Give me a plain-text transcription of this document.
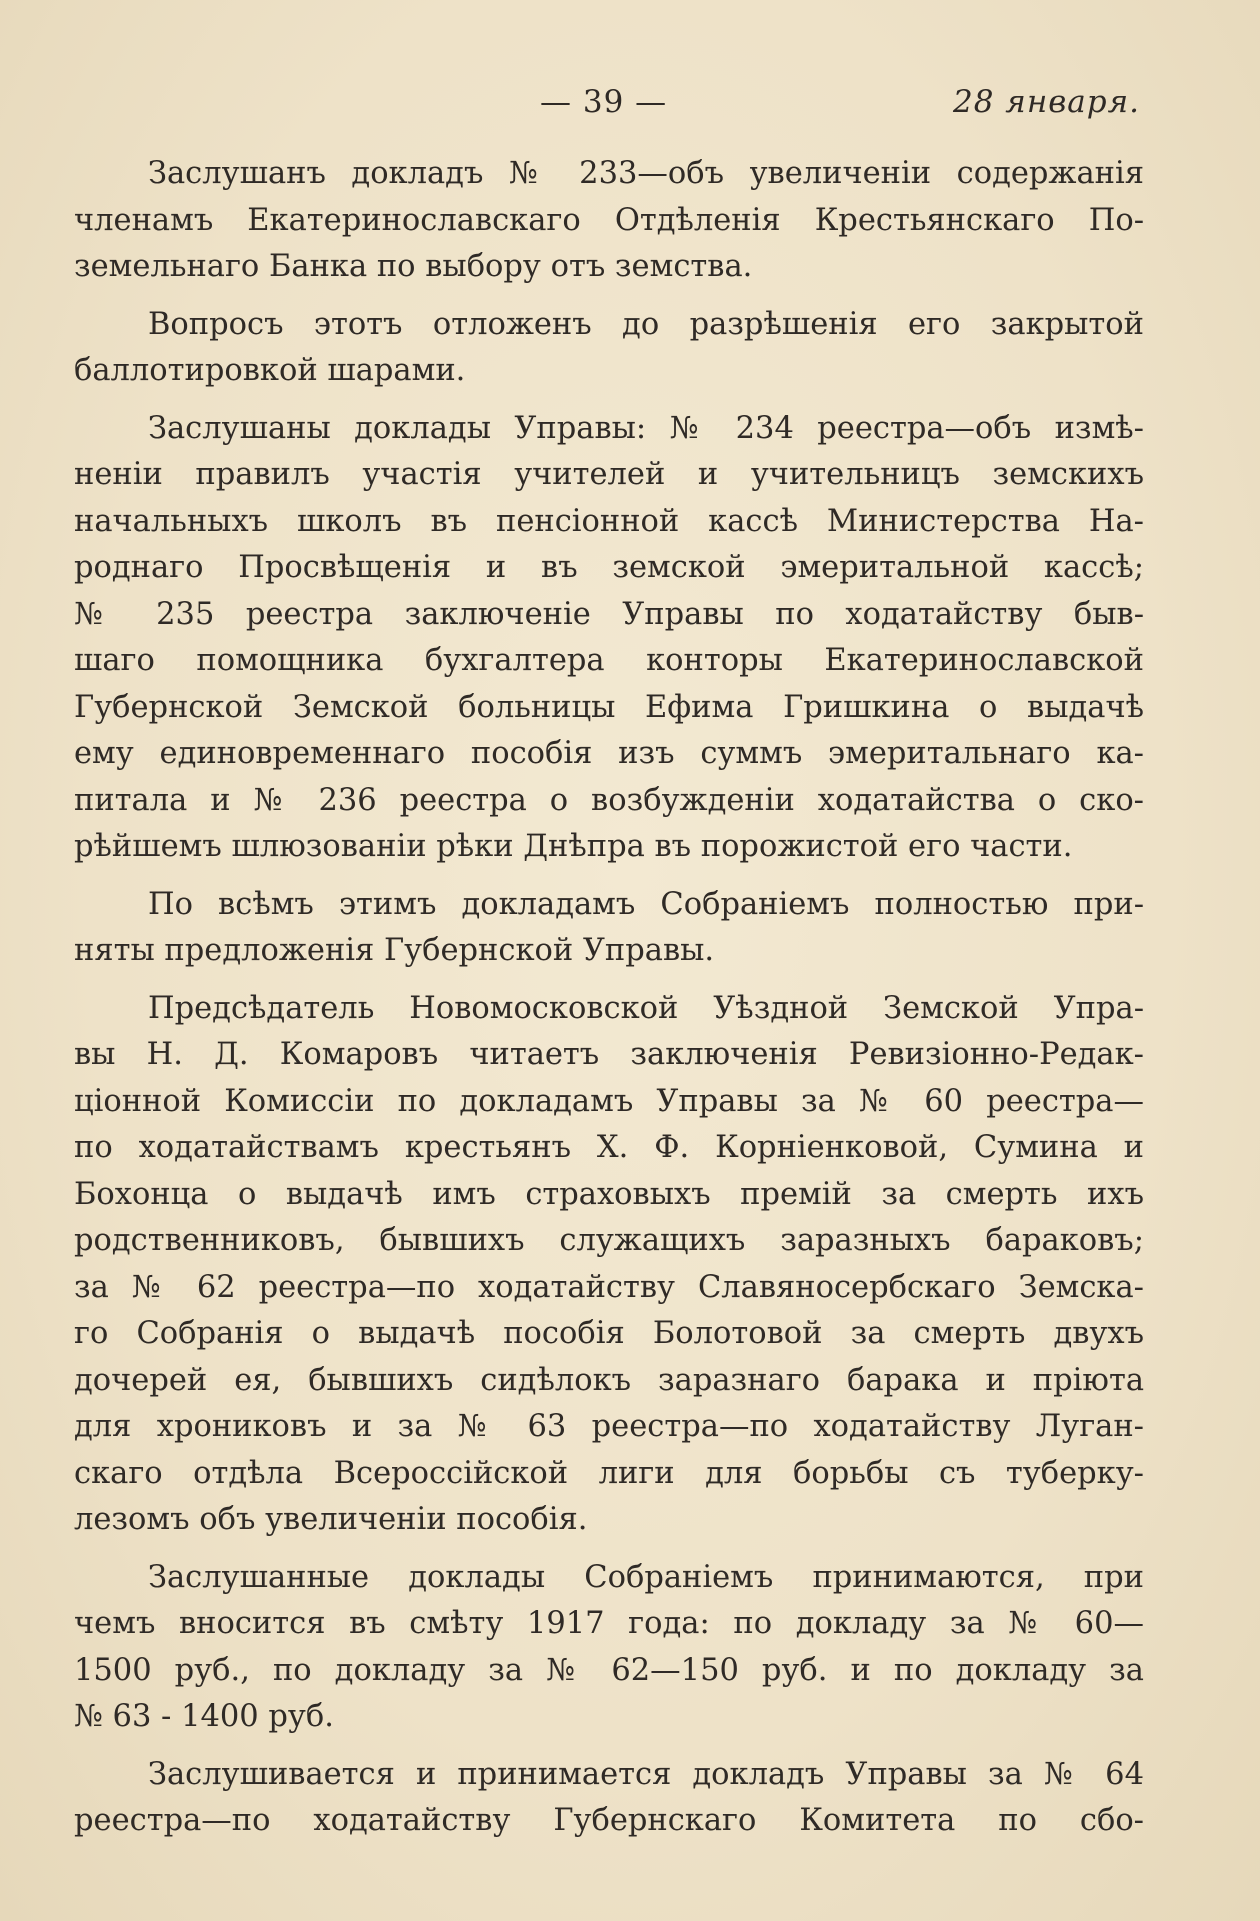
— 39 —	28 января.
Заслушанъ докладъ № 233—объ увеличеніи содержанія
членамъ Екатеринославскаго Отдѣленія Крестьянскаго По-
земельнаго Банка по выбору отъ земства.
Вопросъ этотъ отложенъ до разрѣшенія его закрытой
баллотировкой шарами.
Заслушаны доклады Управы: № 234 реестра—объ измѣ-
неніи правилъ участія учителей и учительницъ земскихъ
начальныхъ школъ въ пенсіонной кассѣ Министерства На-
роднаго Просвѣщенія и въ земской эмеритальной кассѣ;
№ 235 реестра заключеніе Управы по ходатайству быв-
шаго помощника бухгалтера конторы Екатеринославской
Губернской Земской больницы Ефима Гришкина о выдачѣ
ему единовременнаго пособія изъ суммъ эмеритальнаго ка-
питала и № 236 реестра о возбужденіи ходатайства о ско-
рѣйшемъ шлюзованіи рѣки Днѣпра въ порожистой его части.
По всѣмъ этимъ докладамъ Собраніемъ полностью при-
няты предложенія Губернской Управы.
Предсѣдатель Новомосковской Уѣздной Земской Упра-
вы Н. Д. Комаровъ читаетъ заключенія Ревизіонно-Редак-
ціонной Комиссіи по докладамъ Управы за № 60 реестра—
по ходатайствамъ крестьянъ Х. Ф. Корніенковой, Сумина и
Бохонца о выдачѣ имъ страховыхъ премій за смерть ихъ
родственниковъ, бывшихъ служащихъ заразныхъ бараковъ;
за № 62 реестра—по ходатайству Славяносербскаго Земска-
го Собранія о выдачѣ пособія Болотовой за смерть двухъ
дочерей ея, бывшихъ сидѣлокъ заразнаго барака и пріюта
для хрониковъ и за № 63 реестра—по ходатайству Луган-
скаго отдѣла Всероссійской лиги для борьбы съ туберку-
лезомъ объ увеличеніи пособія.
Заслушанные доклады Собраніемъ принимаются, при
чемъ вносится въ смѣту 1917 года: по докладу за № 60—
1500 руб., по докладу за № 62—150 руб. и по докладу за
№ 63 - 1400 руб.
Заслушивается и принимается докладъ Управы за № 64
реестра—по ходатайству Губернскаго Комитета по сбо-
